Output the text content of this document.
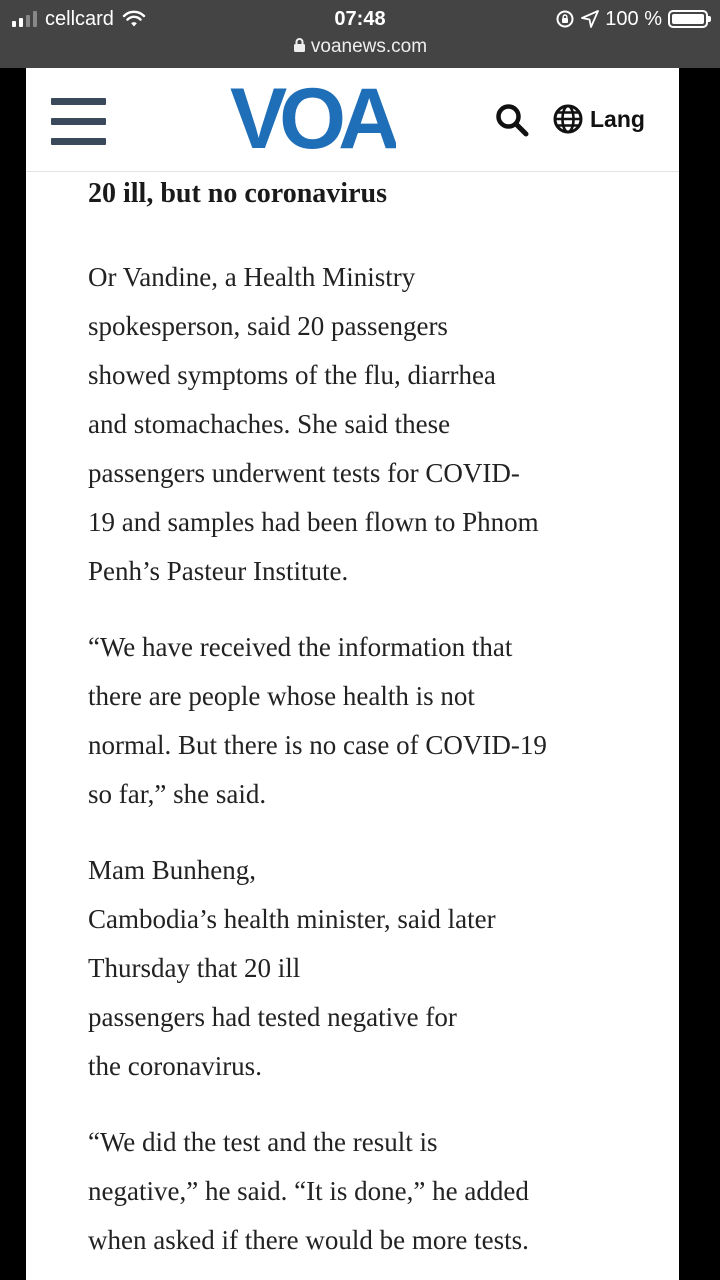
cellcard	07:48
voanews.com
100 %
VOA	Lang
20 ill, but no coronavirus

Or Vandine, a Health Ministry
spokesperson, said 20 passengers
showed symptoms of the flu, diarrhea
and stomachaches. She said these
passengers underwent tests for COVID-
19 and samples had been flown to Phnom
Penh’s Pasteur Institute.

“We have received the information that
there are people whose health is not
normal. But there is no case of COVID-19
so far,” she said.

Mam Bunheng,
Cambodia’s health minister, said later
Thursday that 20 ill
passengers had tested negative for
the coronavirus.

“We did the test and the result is
negative,” he said. “It is done,” he added
when asked if there would be more tests.
